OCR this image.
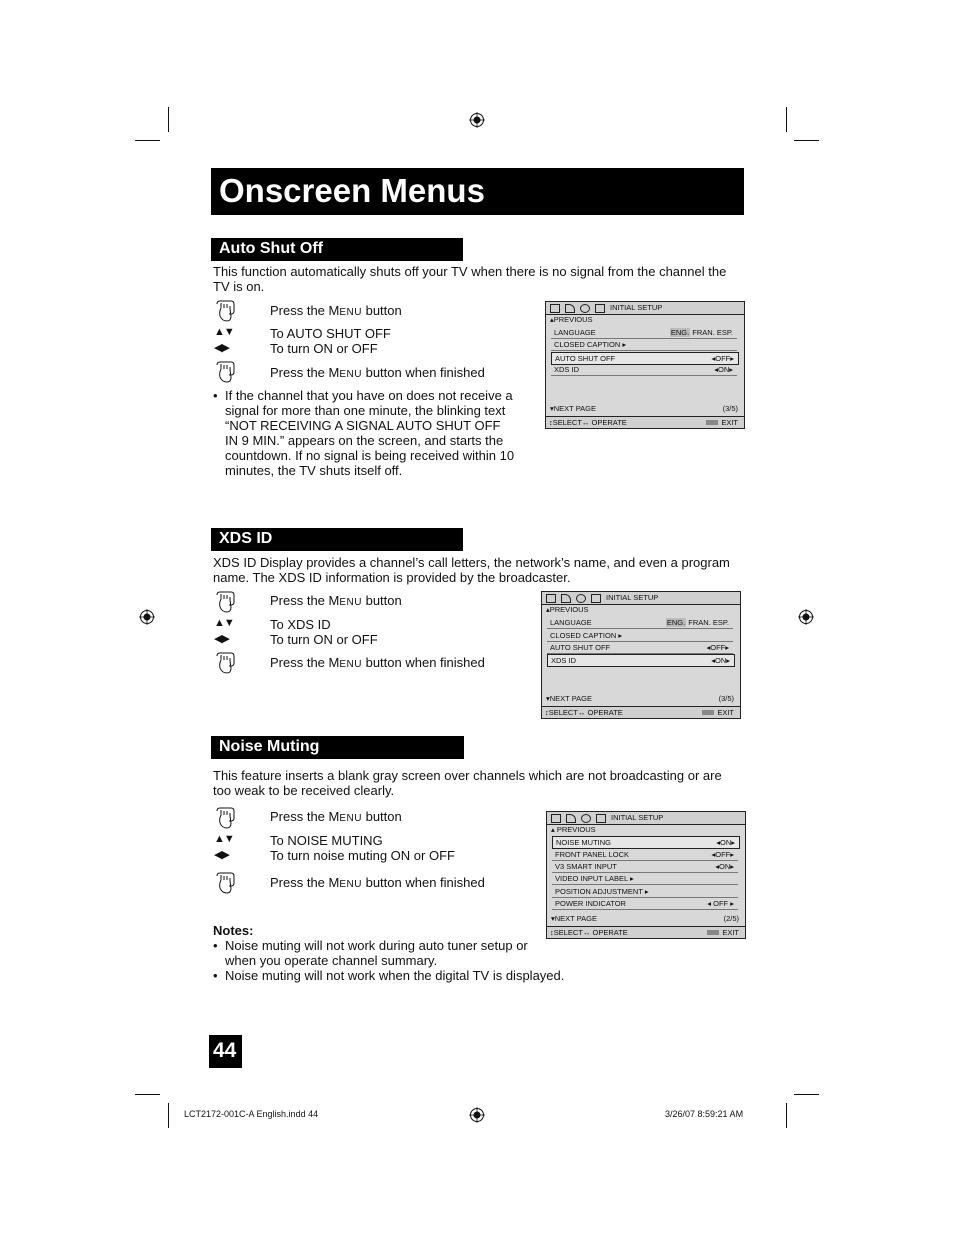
Onscreen Menus
Auto Shut Off
This function automatically shuts off your TV when there is no signal from the channel the TV is on.
Press the MENU button
▲▼	To AUTO SHUT OFF
◀▶	To turn ON or OFF
Press the MENU button when finished
• If the channel that you have on does not receive a signal for more than one minute, the blinking text “NOT RECEIVING A SIGNAL AUTO SHUT OFF IN 9 MIN.” appears on the screen, and starts the countdown. If no signal is being received within 10 minutes, the TV shuts itself off.
INITIAL SETUP
▴PREVIOUS
LANGUAGE	ENG. FRAN. ESP.
CLOSED CAPTION ▸
AUTO SHUT OFF	◂OFF▸
XDS ID	◂ON▸
▾NEXT PAGE	(3/5)
↕SELECT↔ OPERATE	EXIT
XDS ID
XDS ID Display provides a channel’s call letters, the network’s name, and even a program name. The XDS ID information is provided by the broadcaster.
Press the MENU button
▲▼	To XDS ID
◀▶	To turn ON or OFF
Press the MENU button when finished
INITIAL SETUP
▴PREVIOUS
LANGUAGE	ENG. FRAN. ESP.
CLOSED CAPTION ▸
AUTO SHUT OFF	◂OFF▸
XDS ID	◂ON▸
▾NEXT PAGE	(3/5)
↕SELECT↔ OPERATE	EXIT
Noise Muting
This feature inserts a blank gray screen over channels which are not broadcasting or are too weak to be received clearly.
Press the MENU button
▲▼	To NOISE MUTING
◀▶	To turn noise muting ON or OFF
Press the MENU button when finished
Notes:
• Noise muting will not work during auto tuner setup or when you operate channel summary.
• Noise muting will not work when the digital TV is displayed.
INITIAL SETUP
▴ PREVIOUS
NOISE MUTING	◂ON▸
FRONT PANEL LOCK	◂OFF▸
V3 SMART INPUT	◂ON▸
VIDEO INPUT LABEL ▸
POSITION ADJUSTMENT ▸
POWER INDICATOR	◂ OFF ▸
▾NEXT PAGE	(2/5)
↕SELECT↔ OPERATE	EXIT
44
LCT2172-001C-A English.indd 44	3/26/07 8:59:21 AM
